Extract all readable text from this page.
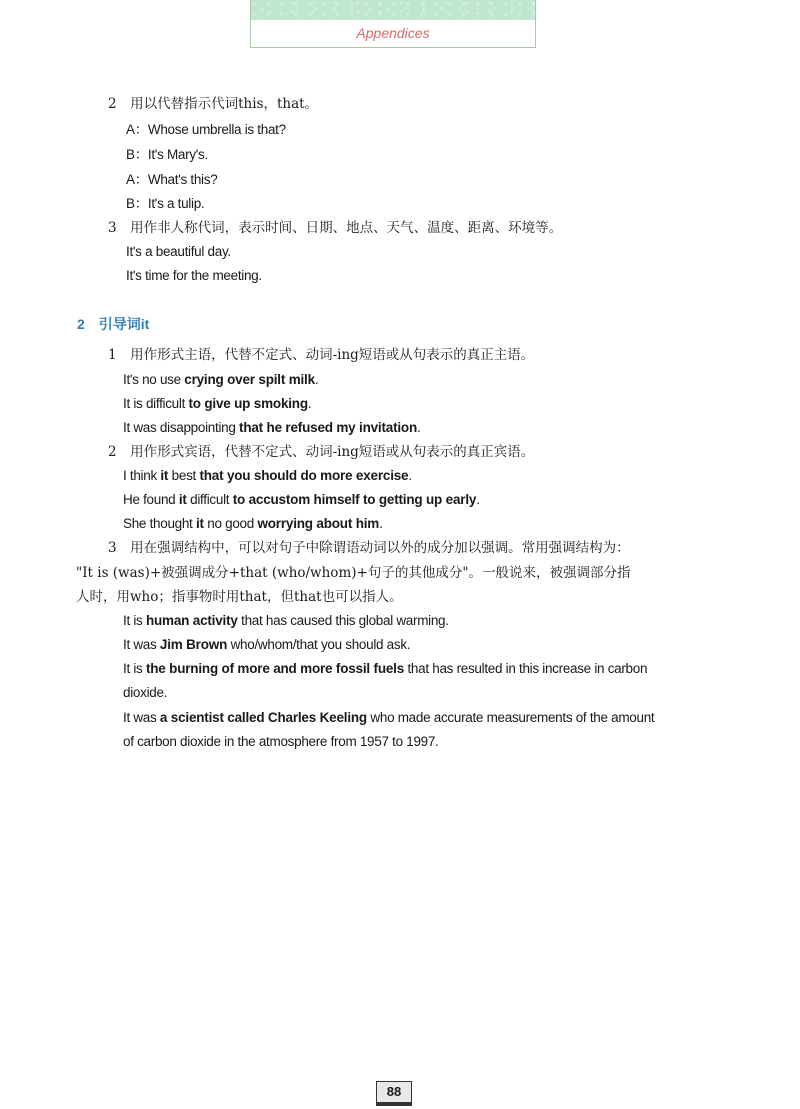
Appendices
2　用以代替指示代词this，that。
A：Whose umbrella is that?
B：It's Mary's.
A：What's this?
B：It's a tulip.
3　用作非人称代词，表示时间、日期、地点、天气、温度、距离、环境等。
It's a beautiful day.
It's time for the meeting.
2　引导词it
1　用作形式主语，代替不定式、动词-ing短语或从句表示的真正主语。
It's no use crying over spilt milk.
It is difficult to give up smoking.
It was disappointing that he refused my invitation.
2　用作形式宾语，代替不定式、动词-ing短语或从句表示的真正宾语。
I think it best that you should do more exercise.
He found it difficult to accustom himself to getting up early.
She thought it no good worrying about him.
3　用在强调结构中，可以对句子中除谓语动词以外的成分加以强调。常用强调结构为：
"It is (was)+被强调成分+that (who/whom)+句子的其他成分"。一般说来，被强调部分指
人时，用who；指事物时用that，但that也可以指人。
It is human activity that has caused this global warming.
It was Jim Brown who/whom/that you should ask.
It is the burning of more and more fossil fuels that has resulted in this increase in carbon
dioxide.
It was a scientist called Charles Keeling who made accurate measurements of the amount
of carbon dioxide in the atmosphere from 1957 to 1997.
88
